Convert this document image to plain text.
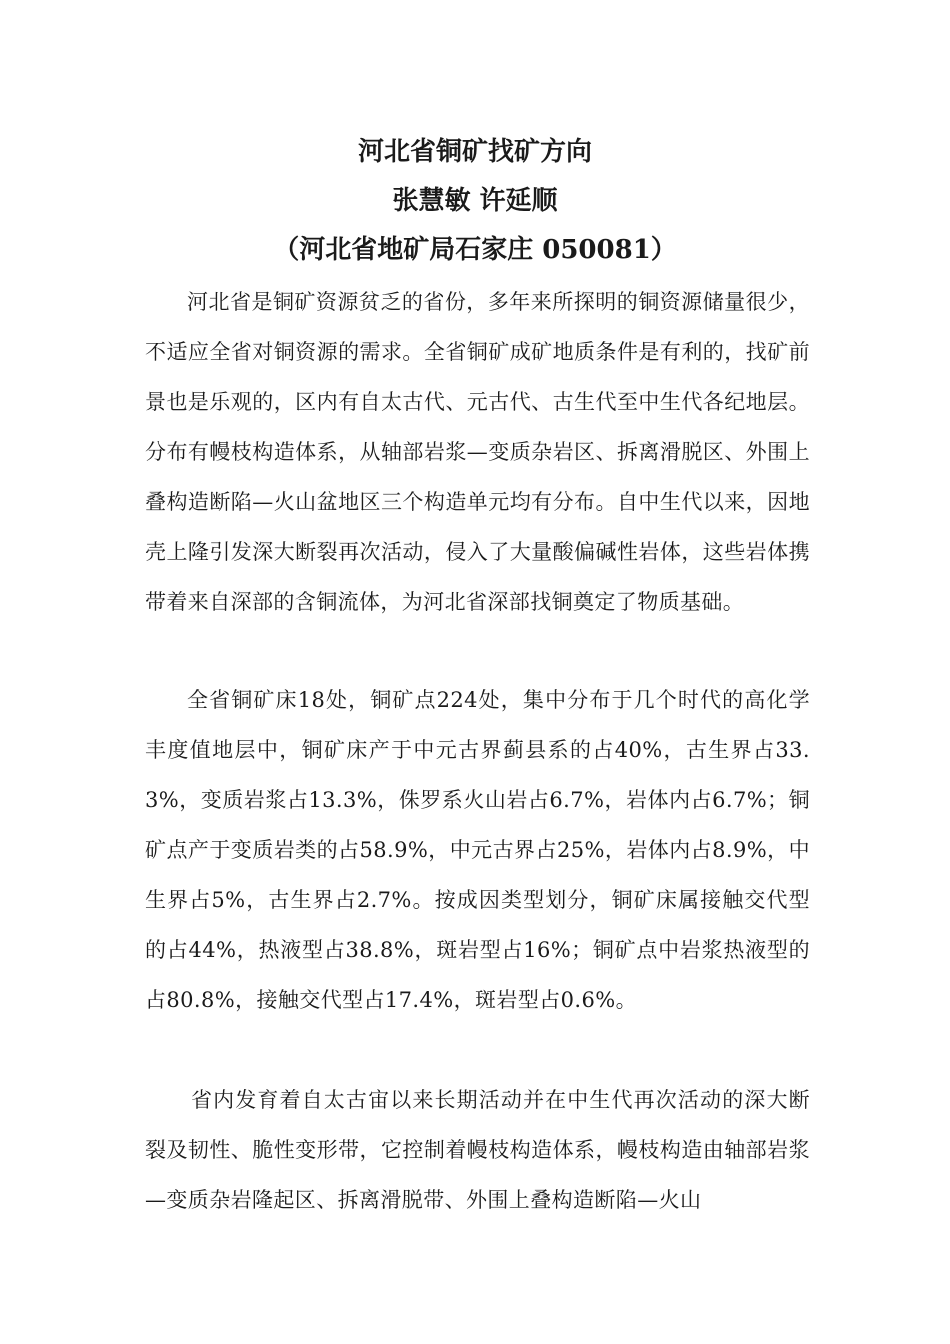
河北省铜矿找矿方向
张慧敏 许延顺
（河北省地矿局石家庄 050081）

河北省是铜矿资源贫乏的省份，多年来所探明的铜资源储量很少，不适应全省对铜资源的需求。全省铜矿成矿地质条件是有利的，找矿前景也是乐观的，区内有自太古代、元古代、古生代至中生代各纪地层。分布有幔枝构造体系，从轴部岩浆—变质杂岩区、拆离滑脱区、外围上叠构造断陷—火山盆地区三个构造单元均有分布。自中生代以来，因地壳上隆引发深大断裂再次活动，侵入了大量酸偏碱性岩体，这些岩体携带着来自深部的含铜流体，为河北省深部找铜奠定了物质基础。

全省铜矿床18处，铜矿点224处，集中分布于几个时代的高化学丰度值地层中，铜矿床产于中元古界蓟县系的占40%，古生界占33.3%，变质岩浆占13.3%，侏罗系火山岩占6.7%，岩体内占6.7%；铜矿点产于变质岩类的占58.9%，中元古界占25%，岩体内占8.9%，中生界占5%，古生界占2.7%。按成因类型划分，铜矿床属接触交代型的占44%，热液型占38.8%，斑岩型占16%；铜矿点中岩浆热液型的占80.8%，接触交代型占17.4%，斑岩型占0.6%。

省内发育着自太古宙以来长期活动并在中生代再次活动的深大断裂及韧性、脆性变形带，它控制着幔枝构造体系，幔枝构造由轴部岩浆—变质杂岩隆起区、拆离滑脱带、外围上叠构造断陷—火山
